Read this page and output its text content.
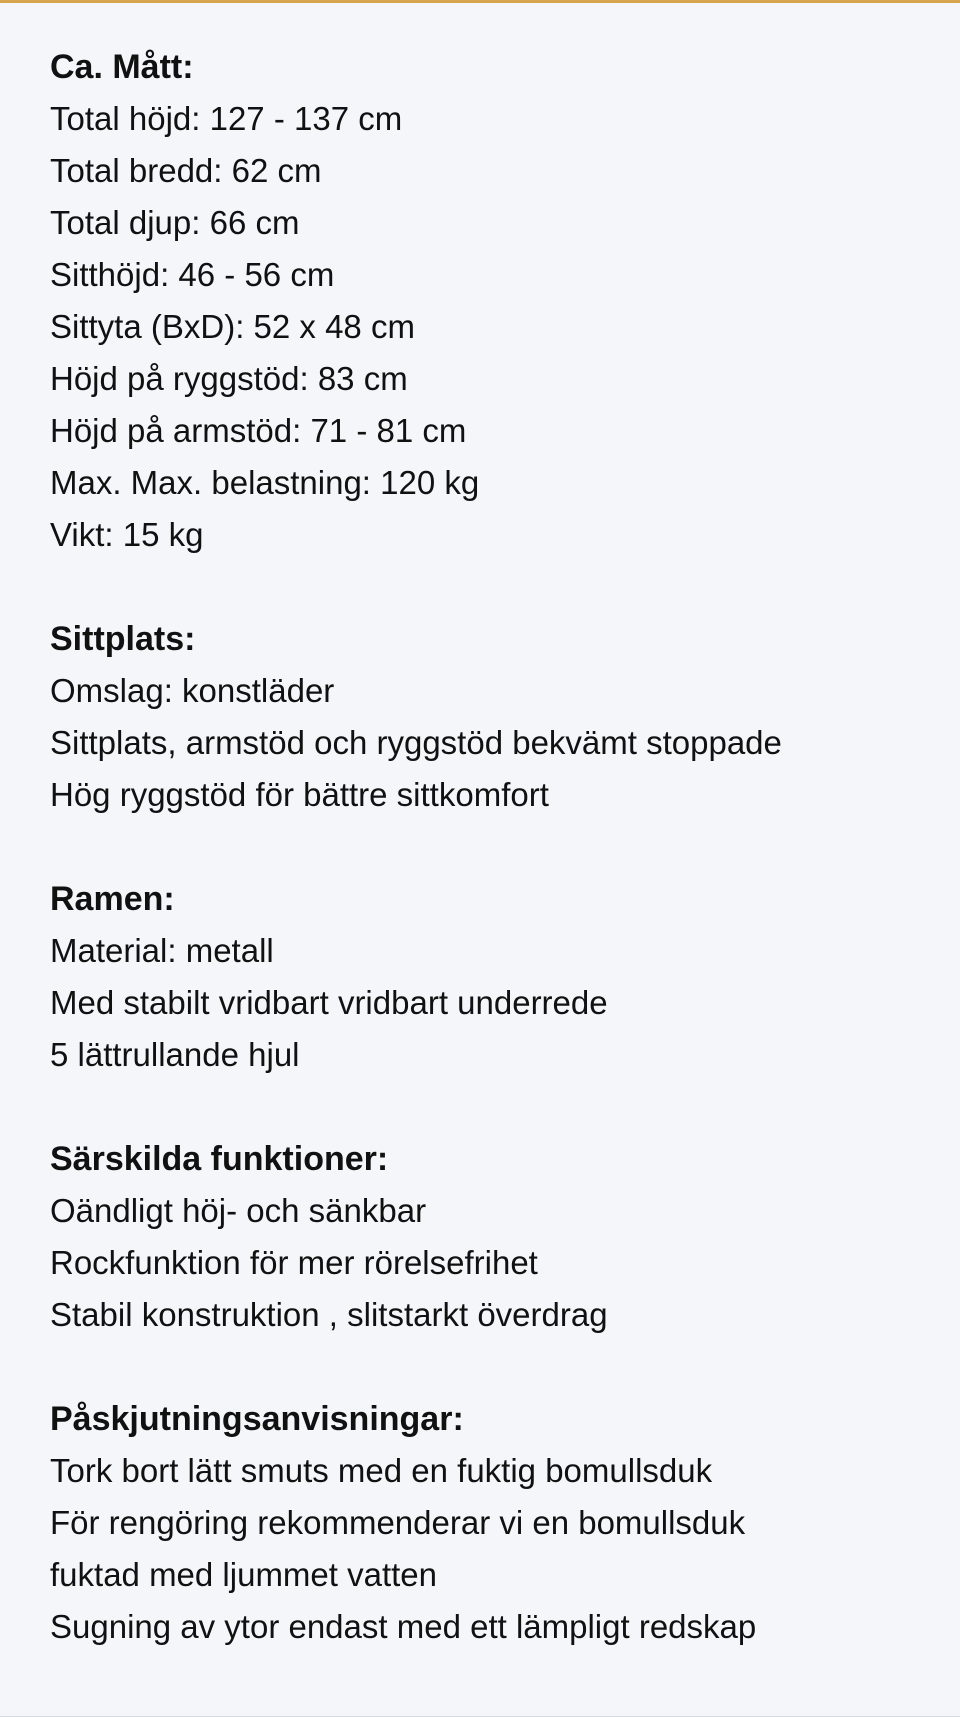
Ca. Mått:
Total höjd: 127 - 137 cm
Total bredd: 62 cm
Total djup: 66 cm
Sitthöjd: 46 - 56 cm
Sittyta (BxD): 52 x 48 cm
Höjd på ryggstöd: 83 cm
Höjd på armstöd: 71 - 81 cm
Max. Max. belastning: 120 kg
Vikt: 15 kg
Sittplats:
Omslag: konstläder
Sittplats, armstöd och ryggstöd bekvämt stoppade
Hög ryggstöd för bättre sittkomfort
Ramen:
Material: metall
Med stabilt vridbart vridbart underrede
5 lättrullande hjul
Särskilda funktioner:
Oändligt höj- och sänkbar
Rockfunktion för mer rörelsefrihet
Stabil konstruktion , slitstarkt överdrag
Påskjutningsanvisningar:
Tork bort lätt smuts med en fuktig bomullsduk
För rengöring rekommenderar vi en bomullsduk
fuktad med ljummet vatten
Sugning av ytor endast med ett lämpligt redskap
